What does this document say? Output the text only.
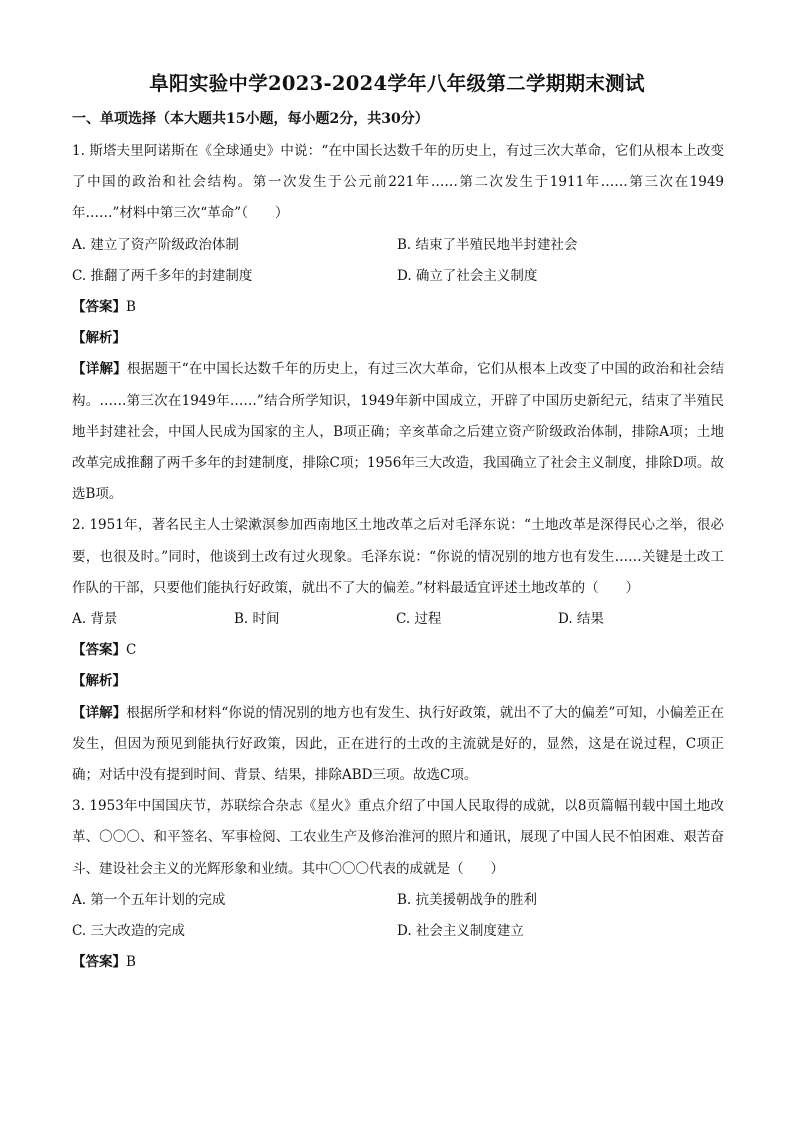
阜阳实验中学2023-2024学年八年级第二学期期末测试
一、单项选择（本大题共15小题，每小题2分，共30分）

1. 斯塔夫里阿诺斯在《全球通史》中说：“在中国长达数千年的历史上，有过三次大革命，它们从根本上改变了中国的政治和社会结构。第一次发生于公元前221年……第二次发生于1911年……第三次在1949年……”材料中第三次“革命”（　　）

A. 建立了资产阶级政治体制	B. 结束了半殖民地半封建社会
C. 推翻了两千多年的封建制度	D. 确立了社会主义制度

【答案】B

【解析】

【详解】根据题干“在中国长达数千年的历史上，有过三次大革命，它们从根本上改变了中国的政治和社会结构。……第三次在1949年……”结合所学知识，1949年新中国成立，开辟了中国历史新纪元，结束了半殖民地半封建社会，中国人民成为国家的主人，B项正确；辛亥革命之后建立资产阶级政治体制，排除A项；土地改革完成推翻了两千多年的封建制度，排除C项；1956年三大改造，我国确立了社会主义制度，排除D项。故选B项。

2. 1951年，著名民主人士梁漱溟参加西南地区土地改革之后对毛泽东说：“土地改革是深得民心之举，很必要，也很及时。”同时，他谈到土改有过火现象。毛泽东说：“你说的情况别的地方也有发生……关键是土改工作队的干部，只要他们能执行好政策，就出不了大的偏差。”材料最适宜评述土地改革的（　　）

A. 背景	B. 时间	C. 过程	D. 结果

【答案】C

【解析】

【详解】根据所学和材料“你说的情况别的地方也有发生、执行好政策，就出不了大的偏差”可知，小偏差正在发生，但因为预见到能执行好政策，因此，正在进行的土改的主流就是好的，显然，这是在说过程，C项正确；对话中没有提到时间、背景、结果，排除ABD三项。故选C项。

3. 1953年中国国庆节，苏联综合杂志《星火》重点介绍了中国人民取得的成就，以8页篇幅刊载中国土地改革、〇〇〇、和平签名、军事检阅、工农业生产及修治淮河的照片和通讯，展现了中国人民不怕困难、艰苦奋斗、建设社会主义的光辉形象和业绩。其中〇〇〇代表的成就是（　　）

A. 第一个五年计划的完成	B. 抗美援朝战争的胜利
C. 三大改造的完成	D. 社会主义制度建立

【答案】B
